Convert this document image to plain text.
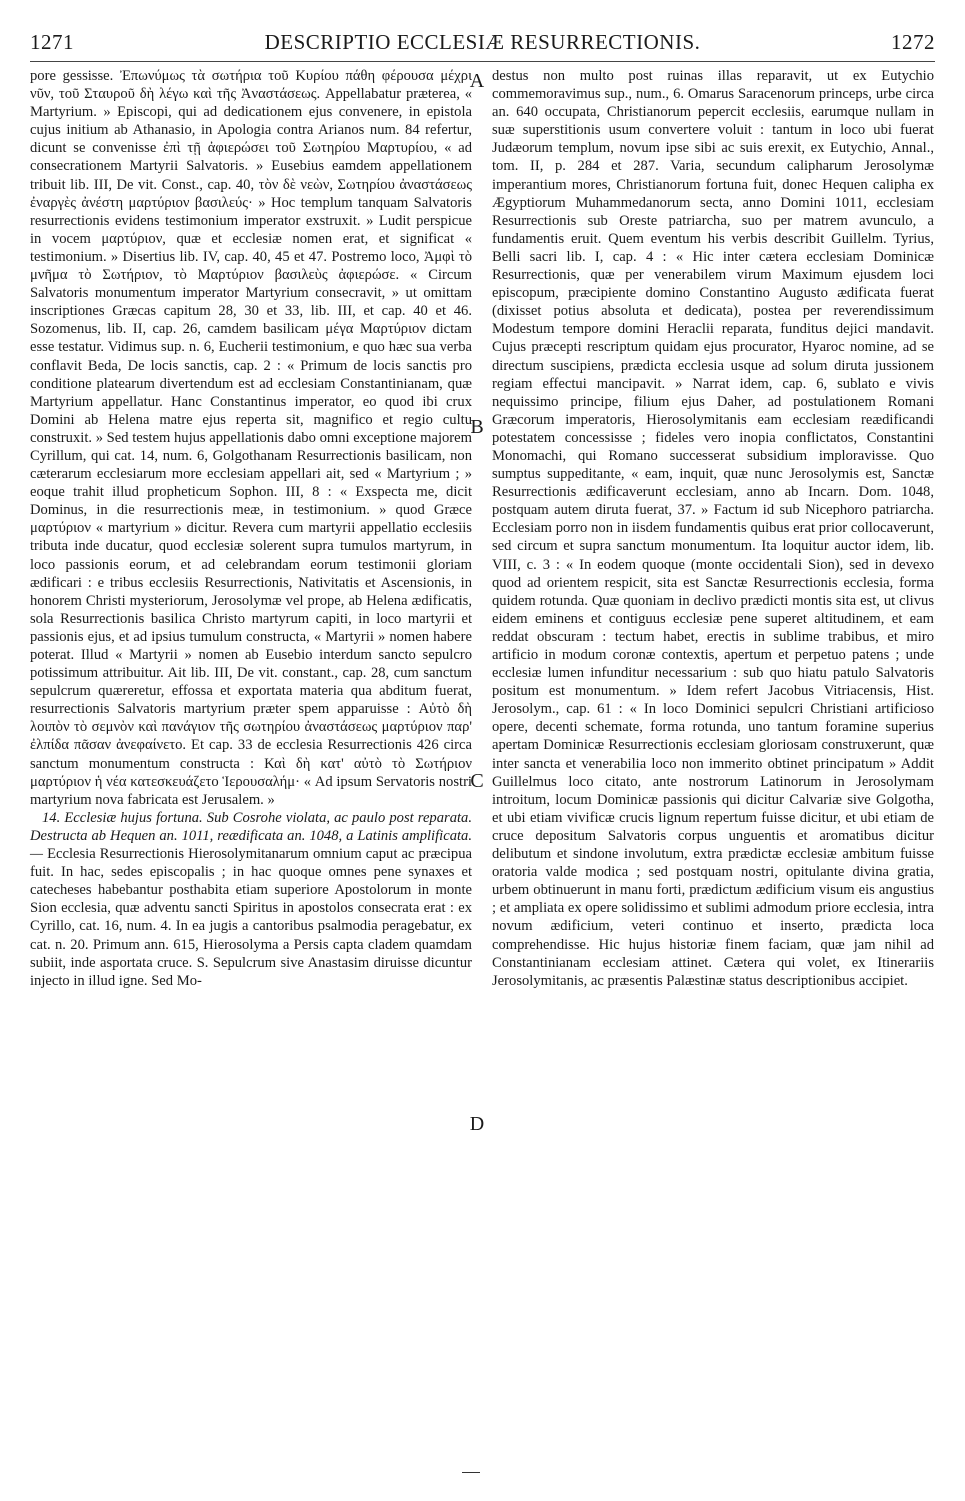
1271	DESCRIPTIO ECCLESIÆ RESURRECTIONIS.	1272

pore gessisse. Ἐπωνύμως τὰ σωτήρια τοῦ Κυρίου πάθη φέρουσα μέχρι νῦν, τοῦ Σταυροῦ δὴ λέγω καὶ τῆς Ἀναστάσεως. Appellabatur præterea, « Martyrium. » Episcopi, qui ad dedicationem ejus convenere, in epistola cujus initium ab Athanasio, in Apologia contra Arianos num. 84 refertur, dicunt se convenisse ἐπὶ τῇ ἀφιερώσει τοῦ Σωτηρίου Μαρτυρίου, « ad consecrationem Martyrii Salvatoris. » Eusebius eamdem appellationem tribuit lib. III, De vit. Const., cap. 40, τὸν δὲ νεὼν, Σωτηρίου ἀναστάσεως ἐναργὲς ἀνέστη μαρτύριον βασιλεύς· » Hoc templum tanquam Salvatoris resurrectionis evidens testimonium imperator exstruxit. » Ludit perspicue in vocem μαρτύριον, quæ et ecclesiæ nomen erat, et significat « testimonium. » Disertius lib. IV, cap. 40, 45 et 47. Postremo loco, Ἀμφὶ τὸ μνῆμα τὸ Σωτήριον, τὸ Μαρτύριον βασιλεὺς ἀφιερώσε. « Circum Salvatoris monumentum imperator Martyrium consecravit, » ut omittam inscriptiones Græcas capitum 28, 30 et 33, lib. III, et cap. 40 et 46. Sozomenus, lib. II, cap. 26, camdem basilicam μέγα Μαρτύριον dictam esse testatur. Vidimus sup. n. 6, Eucherii testimonium, e quo hæc sua verba conflavit Beda, De locis sanctis, cap. 2 : « Primum de locis sanctis pro conditione platearum divertendum est ad ecclesiam Constantinianam, quæ Martyrium appellatur. Hanc Constantinus imperator, eo quod ibi crux Domini ab Helena matre ejus reperta sit, magnifico et regio cultu construxit. » Sed testem hujus appellationis dabo omni exceptione majorem Cyrillum, qui cat. 14, num. 6, Golgothanam Resurrectionis basilicam, non cæterarum ecclesiarum more ecclesiam appellari ait, sed « Martyrium ; » eoque trahit illud propheticum Sophon. III, 8 : « Exspecta me, dicit Dominus, in die resurrectionis meæ, in testimonium. » quod Græce μαρτύριον « martyrium » dicitur. Revera cum martyrii appellatio ecclesiis tributa inde ducatur, quod ecclesiæ solerent supra tumulos martyrum, in loco passionis eorum, et ad celebrandam eorum testimonii gloriam ædificari : e tribus ecclesiis Resurrectionis, Nativitatis et Ascensionis, in honorem Christi mysteriorum, Jerosolymæ vel prope, ab Helena ædificatis, sola Resurrectionis basilica Christo martyrum capiti, in loco martyrii et passionis ejus, et ad ipsius tumulum constructa, « Martyrii » nomen habere poterat. Illud « Martyrii » nomen ab Eusebio interdum sancto sepulcro potissimum attribuitur. Ait lib. III, De vit. constant., cap. 28, cum sanctum sepulcrum quæreretur, effossa et exportata materia qua abditum fuerat, resurrectionis Salvatoris martyrium præter spem apparuisse : Αὐτὸ δὴ λοιπὸν τὸ σεμνὸν καὶ πανάγιον τῆς σωτηρίου ἀναστάσεως μαρτύριον παρ' ἐλπίδα πᾶσαν ἀνεφαίνετο. Et cap. 33 de ecclesia Resurrectionis 426 circa sanctum monumentum constructa : Καὶ δὴ κατ' αὐτὸ τὸ Σωτήριον μαρτύριον ἡ νέα κατεσκευάζετο Ἱερουσαλήμ· « Ad ipsum Servatoris nostri martyrium nova fabricata est Jerusalem. »

14. Ecclesiæ hujus fortuna. Sub Cosrohe violata, ac paulo post reparata. Destructa ab Hequen an. 1011, reædificata an. 1048, a Latinis amplificata. — Ecclesia Resurrectionis Hierosolymitanarum omnium caput ac præcipua fuit. In hac, sedes episcopalis ; in hac quoque omnes pene synaxes et catecheses habebantur posthabita etiam superiore Apostolorum in monte Sion ecclesia, quæ adventu sancti Spiritus in apostolos consecrata erat : ex Cyrillo, cat. 16, num. 4. In ea jugis a cantoribus psalmodia peragebatur, ex cat. n. 20. Primum ann. 615, Hierosolyma a Persis capta cladem quamdam subiit, inde asportata cruce. S. Sepulcrum sive Anastasim diruisse dicuntur injecto in illud igne. Sed Mo-

A
B
C
D

destus non multo post ruinas illas reparavit, ut ex Eutychio commemoravimus sup., num., 6. Omarus Saracenorum princeps, urbe circa an. 640 occupata, Christianorum pepercit ecclesiis, earumque nullam in suæ superstitionis usum convertere voluit : tantum in loco ubi fuerat Judæorum templum, novum ipse sibi ac suis erexit, ex Eutychio, Annal., tom. II, p. 284 et 287. Varia, secundum calipharum Jerosolymæ imperantium mores, Christianorum fortuna fuit, donec Hequen calipha ex Ægyptiorum Muhammedanorum secta, anno Domini 1011, ecclesiam Resurrectionis sub Oreste patriarcha, suo per matrem avunculo, a fundamentis eruit. Quem eventum his verbis describit Guillelm. Tyrius, Belli sacri lib. I, cap. 4 : « Hic inter cætera ecclesiam Dominicæ Resurrectionis, quæ per venerabilem virum Maximum ejusdem loci episcopum, præcipiente domino Constantino Augusto ædificata fuerat (dixisset potius absoluta et dedicata), postea per reverendissimum Modestum tempore domini Heraclii reparata, funditus dejici mandavit. Cujus præcepti rescriptum quidam ejus procurator, Hyaroc nomine, ad se directum suscipiens, prædicta ecclesia usque ad solum diruta jussionem regiam effectui mancipavit. » Narrat idem, cap. 6, sublato e vivis nequissimo principe, filium ejus Daher, ad postulationem Romani Græcorum imperatoris, Hierosolymitanis eam ecclesiam reædificandi potestatem concessisse ; fideles vero inopia conflictatos, Constantini Monomachi, qui Romano successerat subsidium imploravisse. Quo sumptus suppeditante, « eam, inquit, quæ nunc Jerosolymis est, Sanctæ Resurrectionis ædificaverunt ecclesiam, anno ab Incarn. Dom. 1048, postquam autem diruta fuerat, 37. » Factum id sub Nicephoro patriarcha. Ecclesiam porro non in iisdem fundamentis quibus erat prior collocaverunt, sed circum et supra sanctum monumentum. Ita loquitur auctor idem, lib. VIII, c. 3 : « In eodem quoque (monte occidentali Sion), sed in devexo quod ad orientem respicit, sita est Sanctæ Resurrectionis ecclesia, forma quidem rotunda. Quæ quoniam in declivo prædicti montis sita est, ut clivus eidem eminens et contiguus ecclesiæ pene superet altitudinem, et eam reddat obscuram : tectum habet, erectis in sublime trabibus, et miro artificio in modum coronæ contextis, apertum et perpetuo patens ; unde ecclesiæ lumen infunditur necessarium : sub quo hiatu patulo Salvatoris positum est monumentum. » Idem refert Jacobus Vitriacensis, Hist. Jerosolym., cap. 61 : « In loco Dominici sepulcri Christiani artificioso opere, decenti schemate, forma rotunda, uno tantum foramine superius apertam Dominicæ Resurrectionis ecclesiam gloriosam construxerunt, quæ inter sancta et venerabilia loco non immerito obtinet principatum » Addit Guillelmus loco citato, ante nostrorum Latinorum in Jerosolymam introitum, locum Dominicæ passionis qui dicitur Calvariæ sive Golgotha, et ubi etiam vivificæ crucis lignum repertum fuisse dicitur, et ubi etiam de cruce depositum Salvatoris corpus unguentis et aromatibus dicitur delibutum et sindone involutum, extra prædictæ ecclesiæ ambitum fuisse oratoria valde modica ; sed postquam nostri, opitulante divina gratia, urbem obtinuerunt in manu forti, prædictum ædificium visum eis angustius ; et ampliata ex opere solidissimo et sublimi admodum priore ecclesia, intra novum ædificium, veteri continuo et inserto, prædicta loca comprehendisse. Hic hujus historiæ finem faciam, quæ jam nihil ad Constantinianam ecclesiam attinet. Cætera qui volet, ex Itinerariis Jerosolymitanis, ac præsentis Palæstinæ status descriptionibus accipiet.
